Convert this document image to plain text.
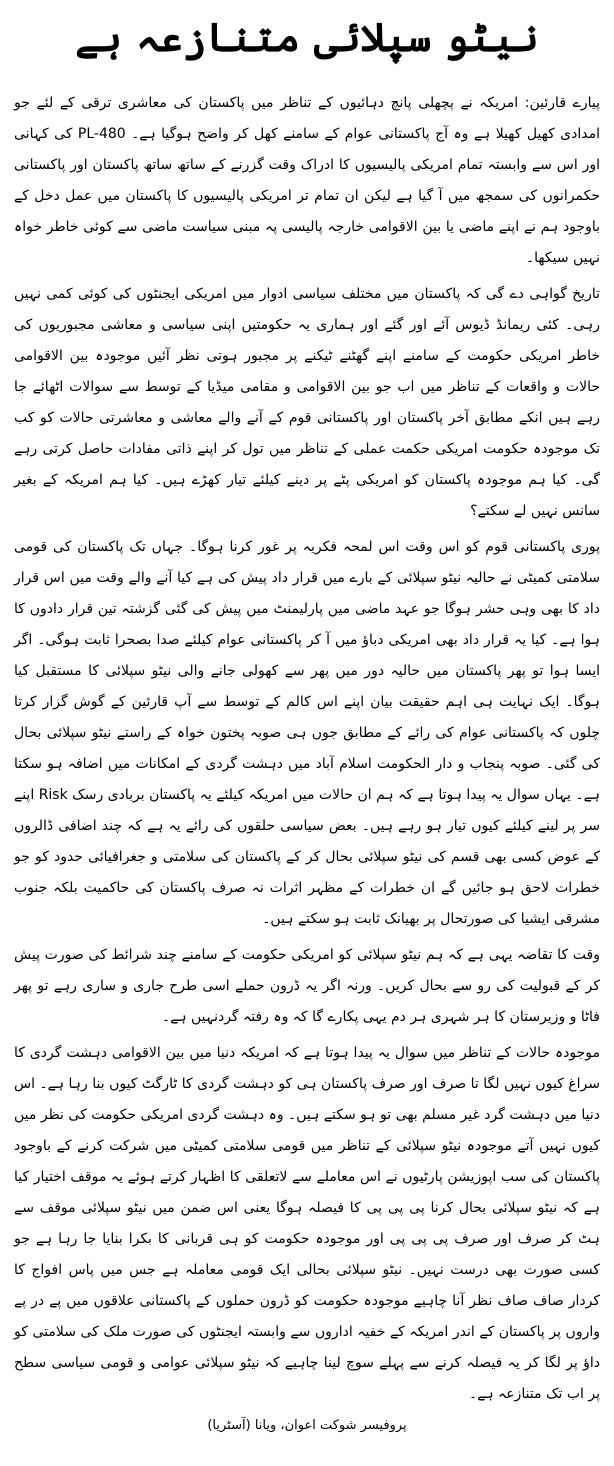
نیٹو سپلائی متنازعہ ہے

پیارے قارئین: امریکہ نے پچھلی پانچ دہائیوں کے تناظر میں پاکستان کی معاشری ترقی کے لئے جو امدادی کھیل کھیلا ہے وہ آج پاکستانی عوام کے سامنے کھل کر واضح ہوگیا ہے۔ PL-480 کی کہانی اور اس سے وابستہ تمام امریکی پالیسیوں کا ادراک وقت گزرنے کے ساتھ ساتھ پاکستان اور پاکستانی حکمرانوں کی سمجھ میں آ گیا ہے لیکن ان تمام تر امریکی پالیسیوں کا پاکستان میں عمل دخل کے باوجود ہم نے اپنے ماضی یا بین الاقوامی خارجہ پالیسی پہ مبنی سیاست ماضی سے کوئی خاطر خواہ نہیں سیکھا۔

تاریخ گواہی دے گی کہ پاکستان میں مختلف سیاسی ادوار میں امریکی ایجنٹوں کی کوئی کمی نہیں رہی۔ کئی ریمانڈ ڈیوس آئے اور گئے اور ہماری یہ حکومتیں اپنی سیاسی و معاشی مجبوریوں کی خاطر امریکی حکومت کے سامنے اپنے گھٹنے ٹیکنے پر مجبور ہوتی نظر آئیں موجودہ بین الاقوامی حالات و واقعات کے تناظر میں اب جو بین الاقوامی و مقامی میڈیا کے توسط سے سوالات اٹھائے جا رہے ہیں انکے مطابق آخر پاکستان اور پاکستانی قوم کے آنے والے معاشی و معاشرتی حالات کو کب تک موجودہ حکومت امریکی حکمت عملی کے تناظر میں تول کر اپنے ذاتی مفادات حاصل کرتی رہے گی۔ کیا ہم موجودہ پاکستان کو امریکی پٹے پر دینے کیلئے تیار کھڑے ہیں۔ کیا ہم امریکہ کے بغیر سانس نہیں لے سکتے؟

پوری پاکستانی قوم کو اس وقت اس لمحہ فکریہ پر غور کرنا ہوگا۔ جہاں تک پاکستان کی قومی سلامتی کمیٹی نے حالیہ نیٹو سپلائی کے بارے میں قرار داد پیش کی ہے کیا آنے والے وقت میں اس قرار داد کا بھی وہی حشر ہوگا جو عہد ماضی میں پارلیمنٹ میں پیش کی گئی گزشتہ تین قرار دادوں کا ہوا ہے۔ کیا یہ قرار داد بھی امریکی دباؤ میں آ کر پاکستانی عوام کیلئے صدا بصحرا ثابت ہوگی۔ اگر ایسا ہوا تو پھر پاکستان میں حالیہ دور میں پھر سے کھولی جانے والی نیٹو سپلائی کا مستقبل کیا ہوگا۔ ایک نہایت ہی اہم حقیقت بیان اپنے اس کالم کے توسط سے آپ قارئین کے گوش گزار کرتا چلوں کہ پاکستانی عوام کی رائے کے مطابق جوں ہی صوبہ پختون خواہ کے راستے نیٹو سپلائی بحال کی گئی۔ صوبہ پنجاب و دار الحکومت اسلام آباد میں دہشت گردی کے امکانات میں اضافہ ہو سکتا ہے۔ یہاں سوال یہ پیدا ہوتا ہے کہ ہم ان حالات میں امریکہ کیلئے یہ پاکستان بربادی رسک Risk اپنے سر پر لینے کیلئے کیوں تیار ہو رہے ہیں۔ بعض سیاسی حلقوں کی رائے یہ ہے کہ چند اضافی ڈالروں کے عوض کسی بھی قسم کی نیٹو سپلائی بحال کر کے پاکستان کی سلامتی و جغرافیائی حدود کو جو خطرات لاحق ہو جائیں گے ان خطرات کے مظہر اثرات نہ صرف پاکستان کی حاکمیت بلکہ جنوب مشرقی ایشیا کی صورتحال پر بھیانک ثابت ہو سکتے ہیں۔

وقت کا تقاضہ یہی ہے کہ ہم نیٹو سپلائی کو امریکی حکومت کے سامنے چند شرائط کی صورت پیش کر کے قبولیت کی رو سے بحال کریں۔ ورنہ اگر یہ ڈرون حملے اسی طرح جاری و ساری رہے تو پھر فاٹا و وزیرستان کا ہر شہری ہر دم یہی پکارے گا کہ وہ رفتہ گردنہیں ہے۔

موجودہ حالات کے تناظر میں سوال یہ پیدا ہوتا ہے کہ امریکہ دنیا میں بین الاقوامی دہشت گردی کا سراغ کیوں نہیں لگا تا صرف اور صرف پاکستان ہی کو دہشت گردی کا ٹارگٹ کیوں بنا رہا ہے۔ اس دنیا میں دہشت گرد غیر مسلم بھی تو ہو سکتے ہیں۔ وہ دہشت گردی امریکی حکومت کی نظر میں کیوں نہیں آتے موجودہ نیٹو سپلائی کے تناظر میں قومی سلامتی کمیٹی میں شرکت کرنے کے باوجود پاکستان کی سب اپوزیشن پارٹیوں نے اس معاملے سے لاتعلقی کا اظہار کرتے ہوئے یہ موقف اختیار کیا ہے کہ نیٹو سپلائی بحال کرنا پی پی پی کا فیصلہ ہوگا یعنی اس ضمن میں نیٹو سپلائی موقف سے ہٹ کر صرف اور صرف پی پی پی اور موجودہ حکومت کو ہی قربانی کا بکرا بنایا جا رہا ہے جو کسی صورت بھی درست نہیں۔ نیٹو سپلائی بحالی ایک قومی معاملہ ہے جس میں پاس افواج کا کردار صاف صاف نظر آنا چاہیے موجودہ حکومت کو ڈرون حملوں کے پاکستانی علاقوں میں پے در پے واروں پر پاکستان کے اندر امریکہ کے خفیہ اداروں سے وابستہ ایجنٹوں کی صورت ملک کی سلامتی کو داؤ پر لگا کر یہ فیصلہ کرنے سے پہلے سوچ لینا چاہیے کہ نیٹو سپلائی عوامی و قومی سیاسی سطح پر اب تک متنازعہ ہے۔

پروفیسر شوکت اعوان، ویانا (آسٹریا)
